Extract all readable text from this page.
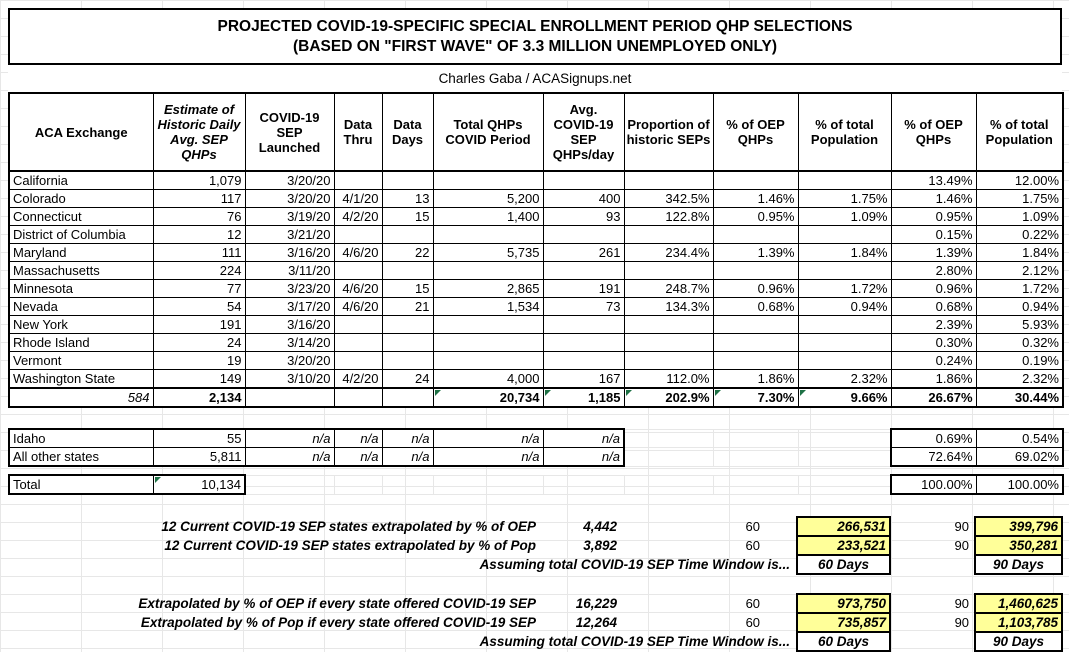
PROJECTED COVID-19-SPECIFIC SPECIAL ENROLLMENT PERIOD QHP SELECTIONS
(BASED ON "FIRST WAVE" OF 3.3 MILLION UNEMPLOYED ONLY)
Charles Gaba / ACASignups.net
ACA Exchange	Estimate of Historic Daily Avg. SEP QHPs	COVID-19 SEP Launched	Data Thru	Data Days	Total QHPs COVID Period	Avg. COVID-19 SEP QHPs/day	Proportion of historic SEPs	% of OEP QHPs	% of total Population	% of OEP QHPs	% of total Population
California	1,079	3/20/20								13.49%	12.00%
Colorado	117	3/20/20	4/1/20	13	5,200	400	342.5%	1.46%	1.75%	1.46%	1.75%
Connecticut	76	3/19/20	4/2/20	15	1,400	93	122.8%	0.95%	1.09%	0.95%	1.09%
District of Columbia	12	3/21/20								0.15%	0.22%
Maryland	111	3/16/20	4/6/20	22	5,735	261	234.4%	1.39%	1.84%	1.39%	1.84%
Massachusetts	224	3/11/20								2.80%	2.12%
Minnesota	77	3/23/20	4/6/20	15	2,865	191	248.7%	0.96%	1.72%	0.96%	1.72%
Nevada	54	3/17/20	4/6/20	21	1,534	73	134.3%	0.68%	0.94%	0.68%	0.94%
New York	191	3/16/20								2.39%	5.93%
Rhode Island	24	3/14/20								0.30%	0.32%
Vermont	19	3/20/20								0.24%	0.19%
Washington State	149	3/10/20	4/2/20	24	4,000	167	112.0%	1.86%	2.32%	1.86%	2.32%
584	2,134				20,734	1,185	202.9%	7.30%	9.66%	26.67%	30.44%
Idaho	55	n/a	n/a	n/a	n/a	n/a				0.69%	0.54%
All other states	5,811	n/a	n/a	n/a	n/a	n/a				72.64%	69.02%
Total	10,134									100.00%	100.00%
12 Current COVID-19 SEP states extrapolated by % of OEP	4,442		60	266,531	90	399,796
12 Current COVID-19 SEP states extrapolated by % of Pop	3,892		60	233,521	90	350,281
Assuming total COVID-19 SEP Time Window is...				60 Days		90 Days
Extrapolated by % of OEP if every state offered COVID-19 SEP	16,229		60	973,750	90	1,460,625
Extrapolated by % of Pop if every state offered COVID-19 SEP	12,264		60	735,857	90	1,103,785
Assuming total COVID-19 SEP Time Window is...				60 Days		90 Days
